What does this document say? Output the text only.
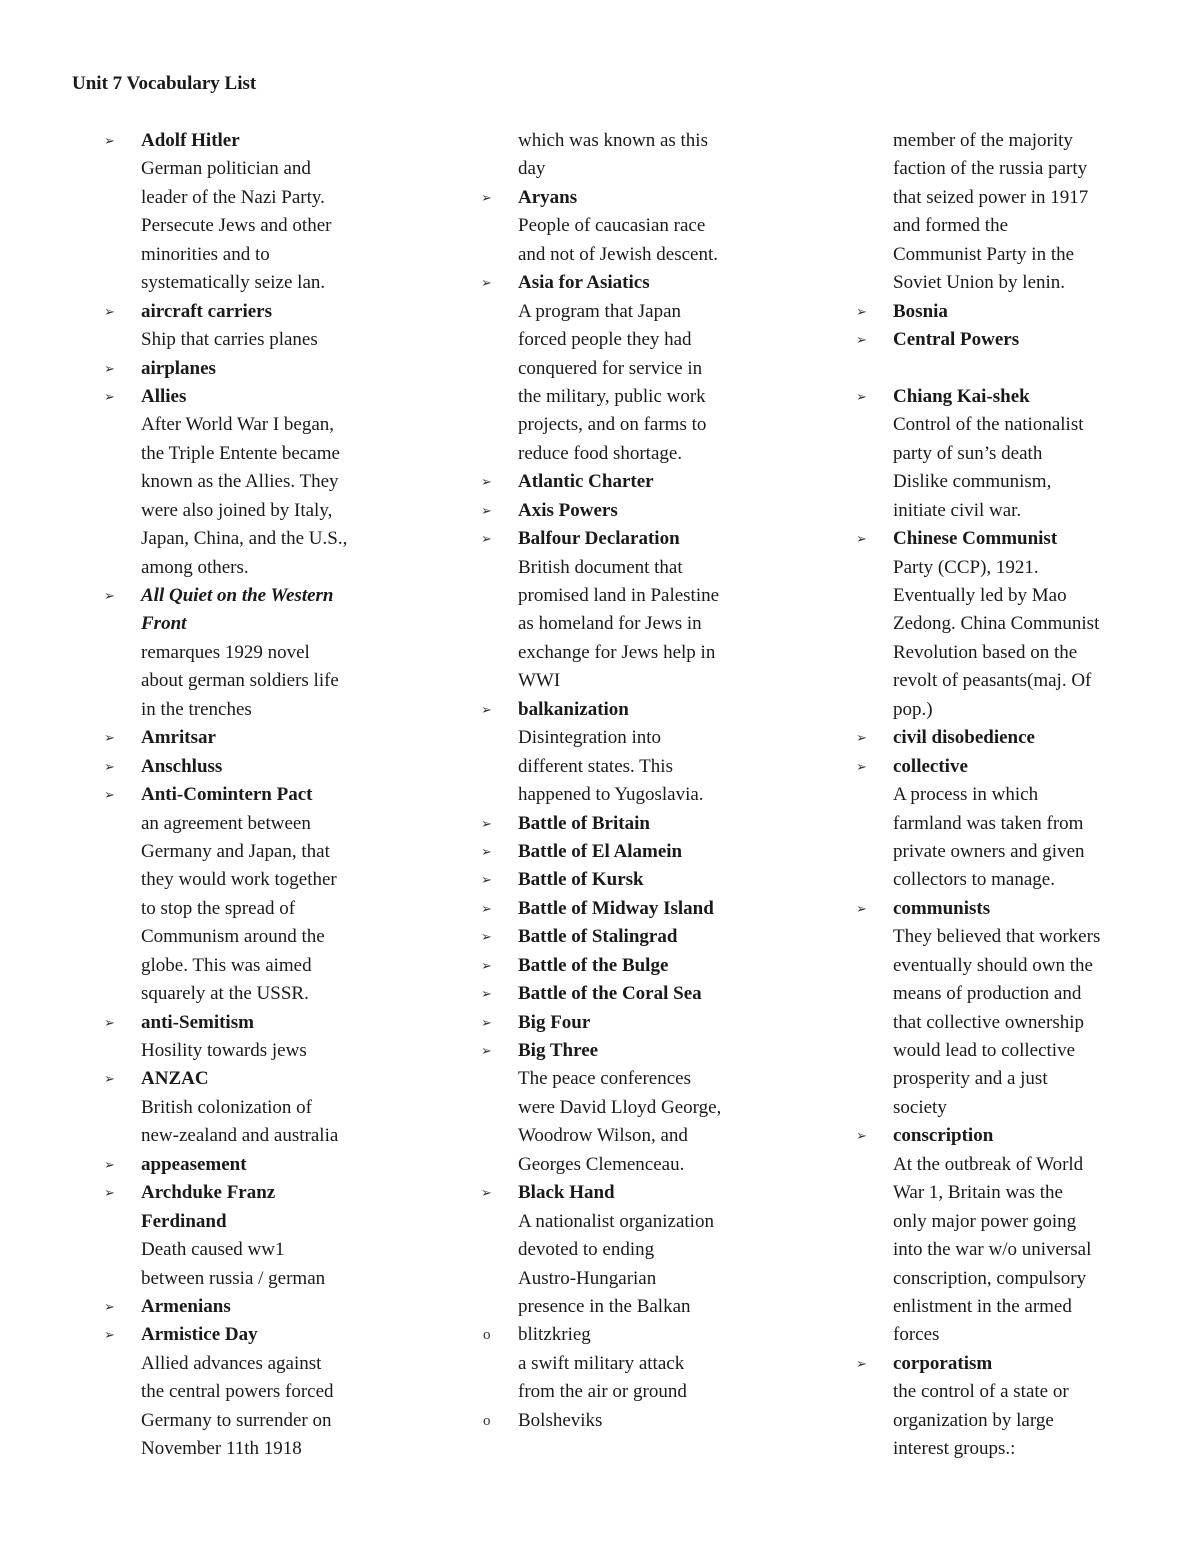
Unit 7 Vocabulary List
➢	Adolf Hitler
German politician and
leader of the Nazi Party.
Persecute Jews and other
minorities and to
systematically seize lan.
➢	aircraft carriers
Ship that carries planes
➢	airplanes
➢	Allies
After World War I began,
the Triple Entente became
known as the Allies. They
were also joined by Italy,
Japan, China, and the U.S.,
among others.
➢	All Quiet on the Western
Front
remarques 1929 novel
about german soldiers life
in the trenches
➢	Amritsar
➢	Anschluss
➢	Anti-Comintern Pact
an agreement between
Germany and Japan, that
they would work together
to stop the spread of
Communism around the
globe. This was aimed
squarely at the USSR.
➢	anti-Semitism
Hosility towards jews
➢	ANZAC
British colonization of
new-zealand and australia
➢	appeasement
➢	Archduke Franz
Ferdinand
Death caused ww1
between russia / german
➢	Armenians
➢	Armistice Day
Allied advances against
the central powers forced
Germany to surrender on
November 11th 1918
which was known as this
day
➢	Aryans
People of caucasian race
and not of Jewish descent.
➢	Asia for Asiatics
A program that Japan
forced people they had
conquered for service in
the military, public work
projects, and on farms to
reduce food shortage.
➢	Atlantic Charter
➢	Axis Powers
➢	Balfour Declaration
British document that
promised land in Palestine
as homeland for Jews in
exchange for Jews help in
WWI
➢	balkanization
Disintegration into
different states. This
happened to Yugoslavia.
➢	Battle of Britain
➢	Battle of El Alamein
➢	Battle of Kursk
➢	Battle of Midway Island
➢	Battle of Stalingrad
➢	Battle of the Bulge
➢	Battle of the Coral Sea
➢	Big Four
➢	Big Three
The peace conferences
were David Lloyd George,
Woodrow Wilson, and
Georges Clemenceau.
➢	Black Hand
A nationalist organization
devoted to ending
Austro-Hungarian
presence in the Balkan
o	blitzkrieg
a swift military attack
from the air or ground
o	Bolsheviks
member of the majority
faction of the russia party
that seized power in 1917
and formed the
Communist Party in the
Soviet Union by lenin.
➢	Bosnia
➢	Central Powers
➢	Chiang Kai-shek
Control of the nationalist
party of sun’s death
Dislike communism,
initiate civil war.
➢	Chinese Communist
Party (CCP), 1921.
Eventually led by Mao
Zedong. China Communist
Revolution based on the
revolt of peasants(maj. Of
pop.)
➢	civil disobedience
➢	collective
A process in which
farmland was taken from
private owners and given
collectors to manage.
➢	communists
They believed that workers
eventually should own the
means of production and
that collective ownership
would lead to collective
prosperity and a just
society
➢	conscription
At the outbreak of World
War 1, Britain was the
only major power going
into the war w/o universal
conscription, compulsory
enlistment in the armed
forces
➢	corporatism
the control of a state or
organization by large
interest groups.:
